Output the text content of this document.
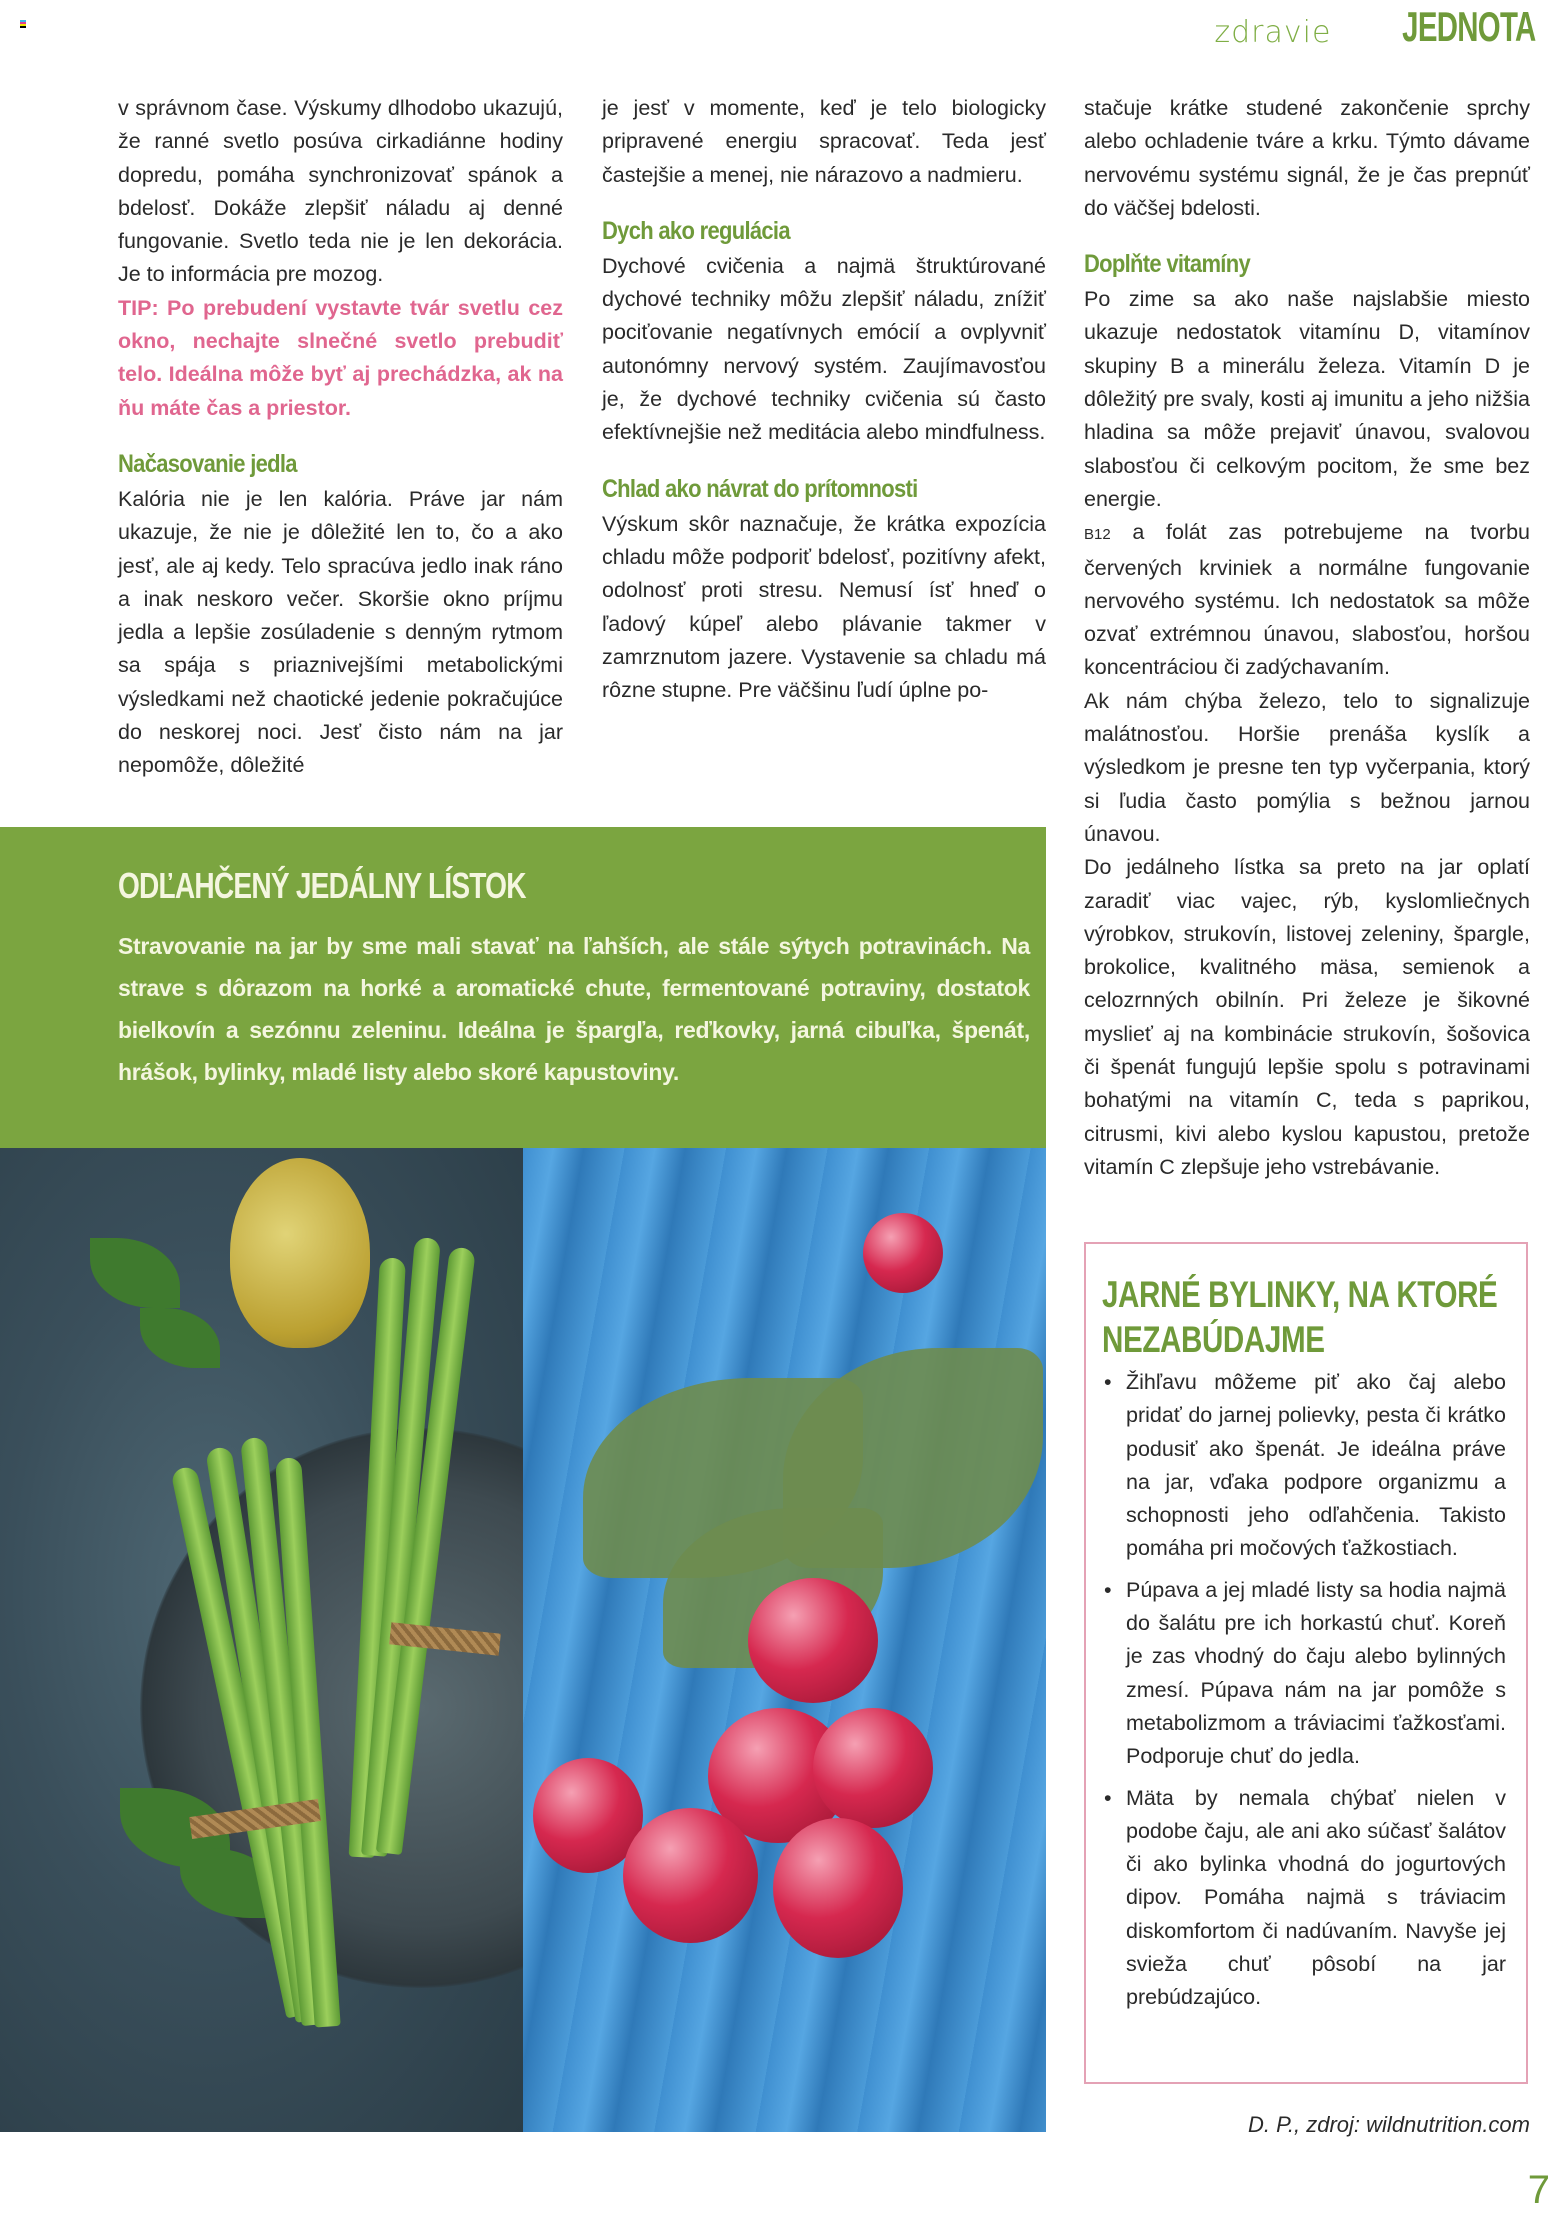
zdravie JEDNOTA

v správnom čase. Výskumy dlhodobo ukazujú, že ranné svetlo posúva cirkadiánne hodiny dopredu, pomáha synchronizovať spánok a bdelosť. Dokáže zlepšiť náladu aj denné fungovanie. Svetlo teda nie je len dekorácia. Je to informácia pre mozog.

TIP: Po prebudení vystavte tvár svetlu cez okno, nechajte slnečné svetlo prebudiť telo. Ideálna môže byť aj prechádzka, ak na ňu máte čas a priestor.

Načasovanie jedla

Kalória nie je len kalória. Práve jar nám ukazuje, že nie je dôležité len to, čo a ako jesť, ale aj kedy. Telo spracúva jedlo inak ráno a inak neskoro večer. Skoršie okno príjmu jedla a lepšie zosúladenie s denným rytmom sa spája s priaznivejšími metabolickými výsledkami než chaotické jedenie pokračujúce do neskorej noci. Jesť čisto nám na jar nepomôže, dôležité

je jesť v momente, keď je telo biologicky pripravené energiu spracovať. Teda jesť častejšie a menej, nie nárazovo a nadmieru.

Dych ako regulácia

Dychové cvičenia a najmä štruktúrované dychové techniky môžu zlepšiť náladu, znížiť pociťovanie negatívnych emócií a ovplyvniť autonómny nervový systém. Zaujímavosťou je, že dychové techniky cvičenia sú často efektívnejšie než meditácia alebo mindfulness.

Chlad ako návrat do prítomnosti

Výskum skôr naznačuje, že krátka expozícia chladu môže podporiť bdelosť, pozitívny afekt, odolnosť proti stresu. Nemusí ísť hneď o ľadový kúpeľ alebo plávanie takmer v zamrznutom jazere. Vystavenie sa chladu má rôzne stupne. Pre väčšinu ľudí úplne po-

stačuje krátke studené zakončenie sprchy alebo ochladenie tváre a krku. Týmto dávame nervovému systému signál, že je čas prepnúť do väčšej bdelosti.

Doplňte vitamíny

Po zime sa ako naše najslabšie miesto ukazuje nedostatok vitamínu D, vitamínov skupiny B a minerálu železa. Vitamín D je dôležitý pre svaly, kosti aj imunitu a jeho nižšia hladina sa môže prejaviť únavou, svalovou slabosťou či celkovým pocitom, že sme bez energie.

B12 a folát zas potrebujeme na tvorbu červených krviniek a normálne fungovanie nervového systému. Ich nedostatok sa môže ozvať extrémnou únavou, slabosťou, horšou koncentráciou či zadýchavaním.

Ak nám chýba železo, telo to signalizuje malátnosťou. Horšie prenáša kyslík a výsledkom je presne ten typ vyčerpania, ktorý si ľudia často pomýlia s bežnou jarnou únavou.

Do jedálneho lístka sa preto na jar oplatí zaradiť viac vajec, rýb, kyslomliečnych výrobkov, strukovín, listovej zeleniny, špargle, brokolice, kvalitného mäsa, semienok a celozrnných obilnín. Pri železe je šikovné myslieť aj na kombinácie strukovín, šošovica či špenát fungujú lepšie spolu s potravinami bohatými na vitamín C, teda s paprikou, citrusmi, kivi alebo kyslou kapustou, pretože vitamín C zlepšuje jeho vstrebávanie.

ODĽAHČENÝ JEDÁLNY LÍSTOK
Stravovanie na jar by sme mali stavať na ľahších, ale stále sýtych potravinách. Na strave s dôrazom na horké a aromatické chute, fermentované potraviny, dostatok bielkovín a sezónnu zeleninu. Ideálna je špargľa, reďkovky, jarná cibuľka, špenát, hrášok, bylinky, mladé listy alebo skoré kapustoviny.
JARNÉ BYLINKY, NA KTORÉ NEZABÚDAJME
• Žihľavu môžeme piť ako čaj alebo pridať do jarnej polievky, pesta či krátko podusiť ako špenát. Je ideálna práve na jar, vďaka podpore organizmu a schopnosti jeho odľahčenia. Takisto pomáha pri močových ťažkostiach.
• Púpava a jej mladé listy sa hodia najmä do šalátu pre ich horkastú chuť. Koreň je zas vhodný do čaju alebo bylinných zmesí. Púpava nám na jar pomôže s metabolizmom a tráviacimi ťažkosťami. Podporuje chuť do jedla.
• Mäta by nemala chýbať nielen v podobe čaju, ale ani ako súčasť šalátov či ako bylinka vhodná do jogurtových dipov. Pomáha najmä s tráviacim diskomfortom či nadúvaním. Navyše jej svieža chuť pôsobí na jar prebúdzajúco.
D. P., zdroj: wildnutrition.com
7
